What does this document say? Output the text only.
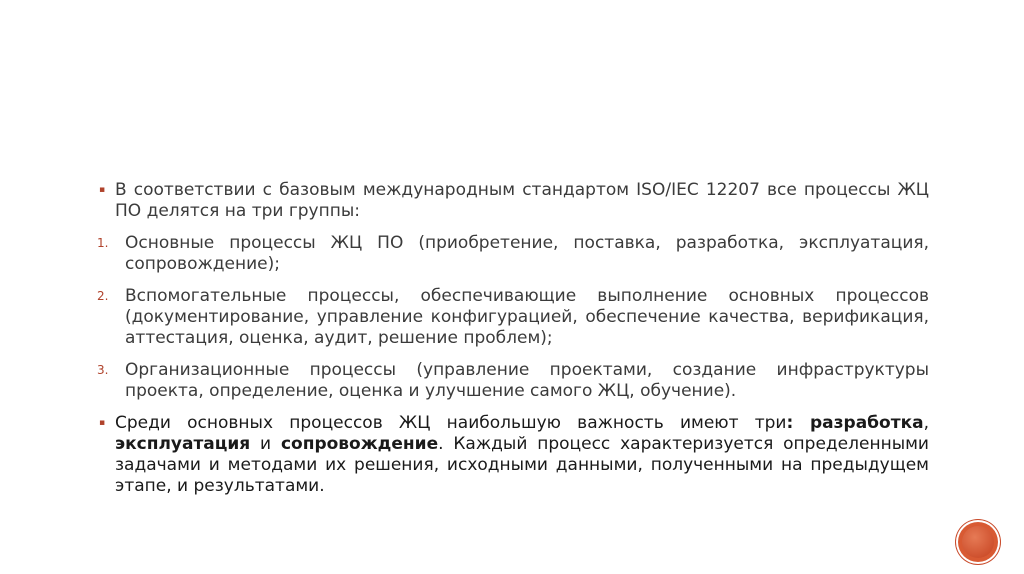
▪ В соответствии с базовым международным стандартом ISO/IEC 12207 все процессы ЖЦ ПО делятся на три группы:
1. Основные процессы ЖЦ ПО (приобретение, поставка, разработка, эксплуатация, сопровождение);
2. Вспомогательные процессы, обеспечивающие выполнение основных процессов (документирование, управление конфигурацией, обеспечение качества, верификация, аттестация, оценка, аудит, решение проблем);
3. Организационные процессы (управление проектами, создание инфраструктуры проекта, определение, оценка и улучшение самого ЖЦ, обучение).
▪ Среди основных процессов ЖЦ наибольшую важность имеют три: разработка, эксплуатация и сопровождение. Каждый процесс характеризуется определенными задачами и методами их решения, исходными данными, полученными на предыдущем этапе, и результатами.
